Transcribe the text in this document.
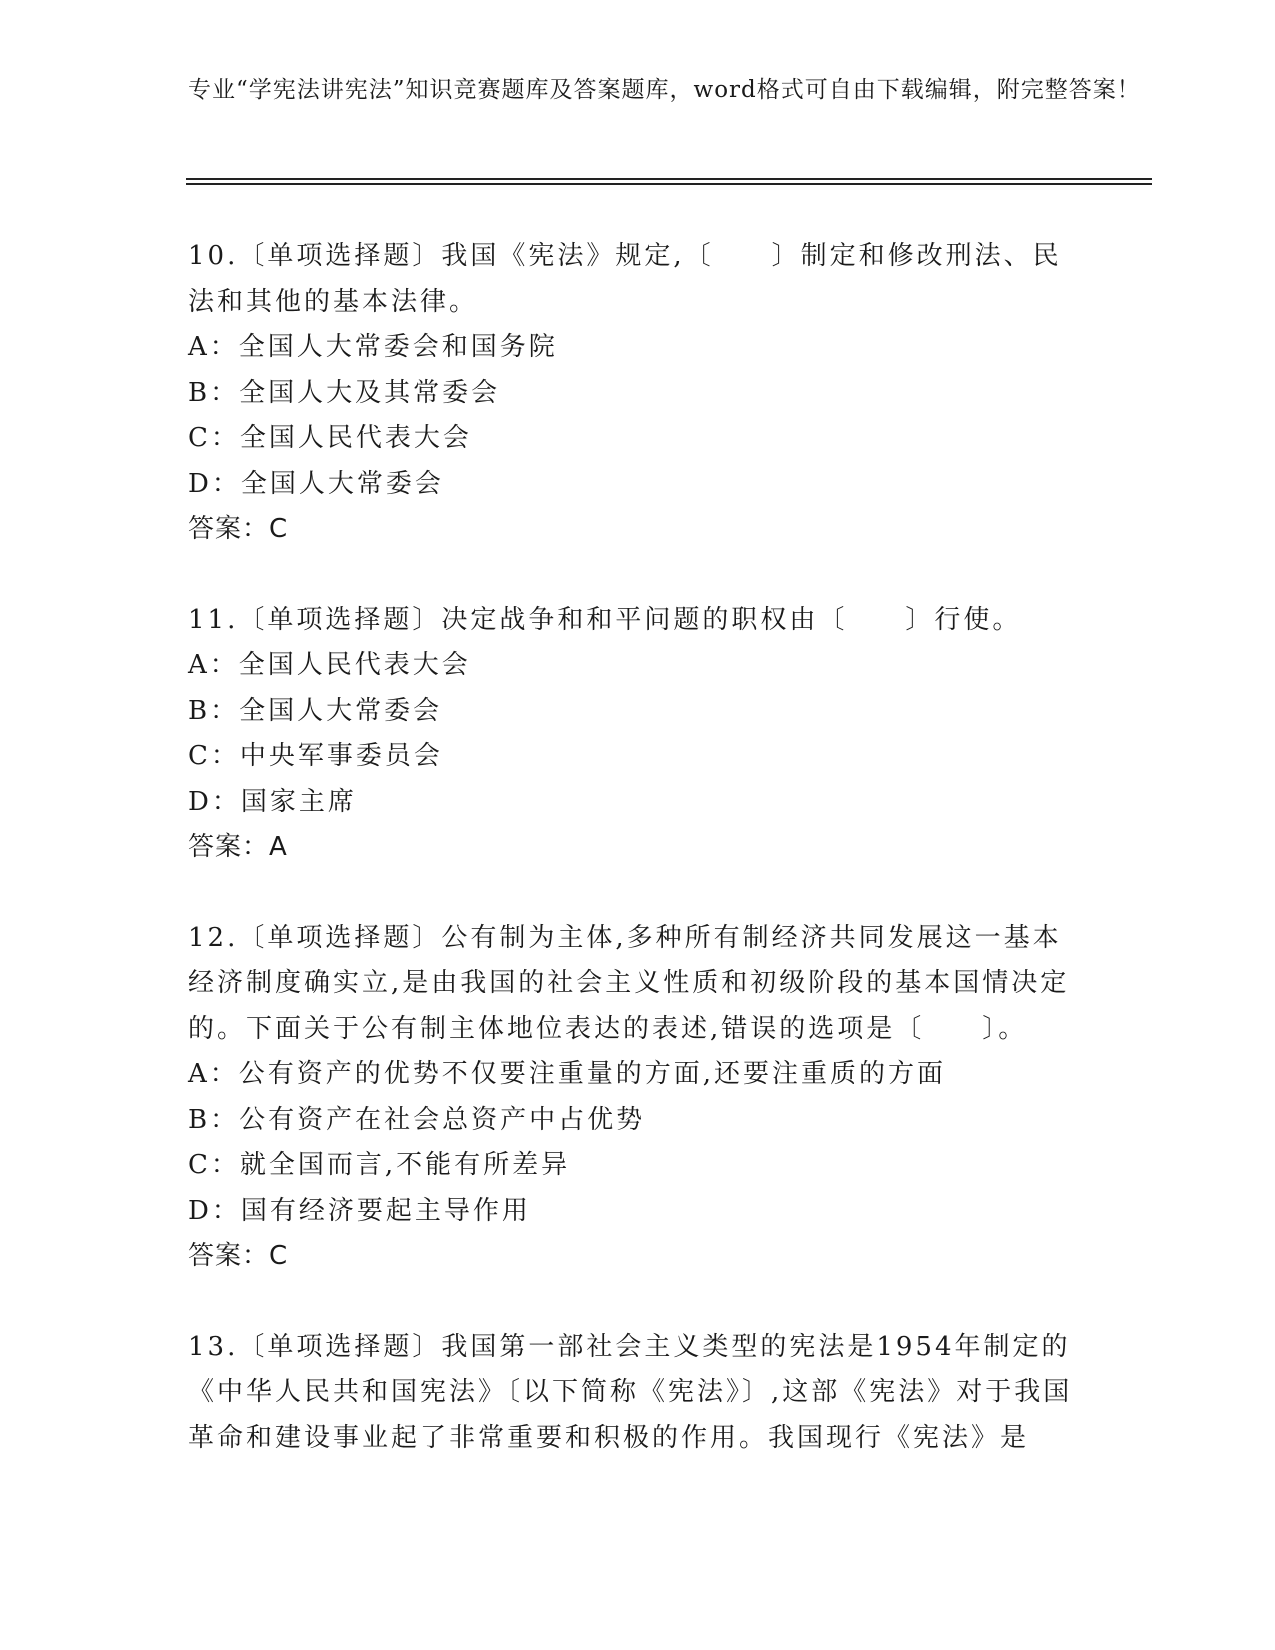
专业“学宪法讲宪法”知识竞赛题库及答案题库，word格式可自由下载编辑，附完整答案！

10.〔单项选择题〕我国《宪法》规定,〔　　〕制定和修改刑法、民法和其他的基本法律。

A：全国人大常委会和国务院

B：全国人大及其常委会

C：全国人民代表大会

D：全国人大常委会

答案：C

11.〔单项选择题〕决定战争和和平问题的职权由〔　　〕行使。

A：全国人民代表大会

B：全国人大常委会

C：中央军事委员会

D：国家主席

答案：A

12.〔单项选择题〕公有制为主体,多种所有制经济共同发展这一基本经济制度确实立,是由我国的社会主义性质和初级阶段的基本国情决定的。下面关于公有制主体地位表达的表述,错误的选项是〔　　〕。

A：公有资产的优势不仅要注重量的方面,还要注重质的方面

B：公有资产在社会总资产中占优势

C：就全国而言,不能有所差异

D：国有经济要起主导作用

答案：C

13.〔单项选择题〕我国第一部社会主义类型的宪法是1954年制定的《中华人民共和国宪法》〔以下简称《宪法》〕,这部《宪法》对于我国革命和建设事业起了非常重要和积极的作用。我国现行《宪法》是
